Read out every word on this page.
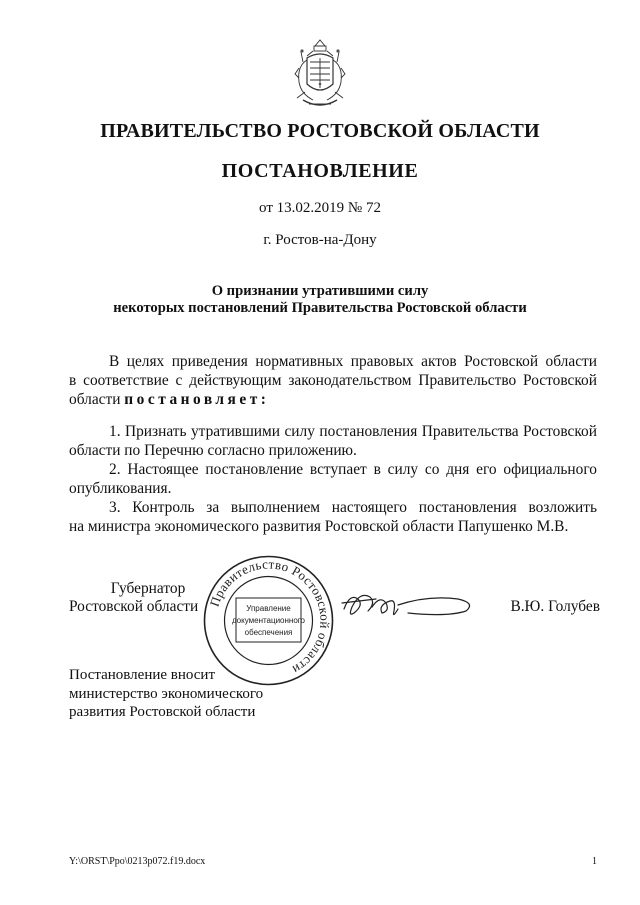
ПРАВИТЕЛЬСТВО РОСТОВСКОЙ ОБЛАСТИ
ПОСТАНОВЛЕНИЕ
от 13.02.2019 № 72
г. Ростов-на-Дону
О признании утратившими силу
некоторых постановлений Правительства Ростовской области
В целях приведения нормативных правовых актов Ростовской области
в соответствие с действующим законодательством Правительство Ростовской
области постановляет:
1. Признать утратившими силу постановления Правительства Ростовской
области по Перечню согласно приложению.
2. Настоящее постановление вступает в силу со дня его официального
опубликования.
3. Контроль за выполнением настоящего постановления возложить
на министра экономического развития Ростовской области Папушенко М.В.
Губернатор
Ростовской области Правительство Ростовской области
Управление
документационного
обеспечения
В.Ю. Голубев
Постановление вносит
министерство экономического
развития Ростовской области
Y:\ORST\Ppo\0213p072.f19.docx	1
